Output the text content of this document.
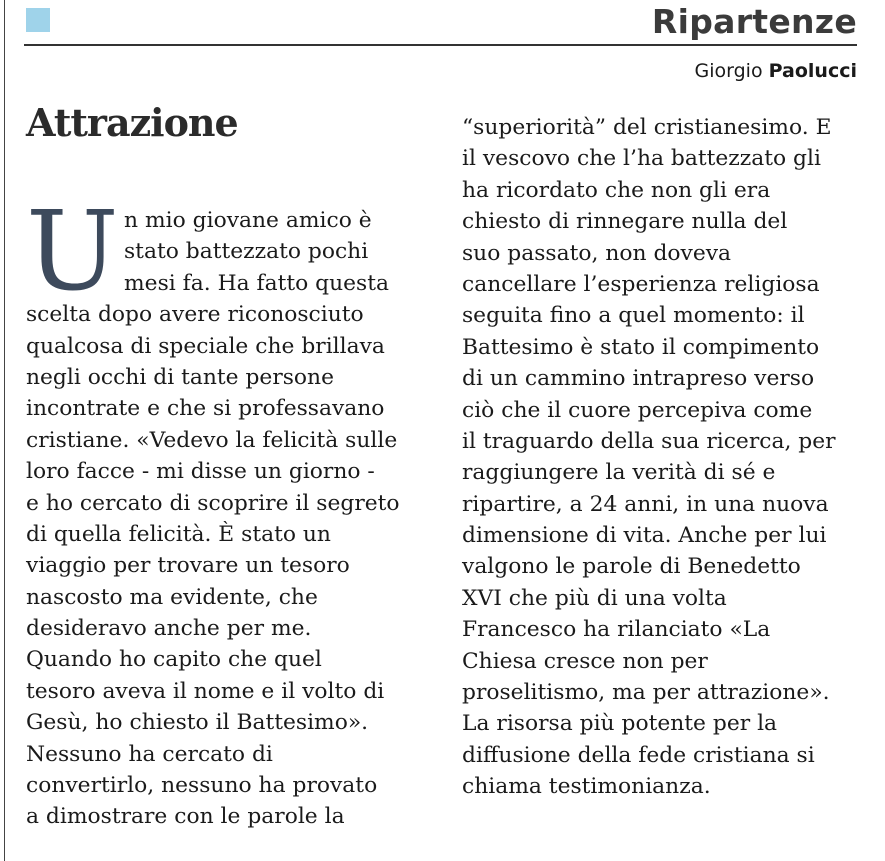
Ripartenze
Giorgio Paolucci
Attrazione
U n mio giovane amico è
stato battezzato pochi
mesi fa. Ha fatto questa
scelta dopo avere riconosciuto
qualcosa di speciale che brillava
negli occhi di tante persone
incontrate e che si professavano
cristiane. «Vedevo la felicità sulle
loro facce - mi disse un giorno -
e ho cercato di scoprire il segreto
di quella felicità. È stato un
viaggio per trovare un tesoro
nascosto ma evidente, che
desideravo anche per me.
Quando ho capito che quel
tesoro aveva il nome e il volto di
Gesù, ho chiesto il Battesimo».
Nessuno ha cercato di
convertirlo, nessuno ha provato
a dimostrare con le parole la
“superiorità” del cristianesimo. E
il vescovo che l’ha battezzato gli
ha ricordato che non gli era
chiesto di rinnegare nulla del
suo passato, non doveva
cancellare l’esperienza religiosa
seguita fino a quel momento: il
Battesimo è stato il compimento
di un cammino intrapreso verso
ciò che il cuore percepiva come
il traguardo della sua ricerca, per
raggiungere la verità di sé e
ripartire, a 24 anni, in una nuova
dimensione di vita. Anche per lui
valgono le parole di Benedetto
XVI che più di una volta
Francesco ha rilanciato «La
Chiesa cresce non per
proselitismo, ma per attrazione».
La risorsa più potente per la
diffusione della fede cristiana si
chiama testimonianza.
